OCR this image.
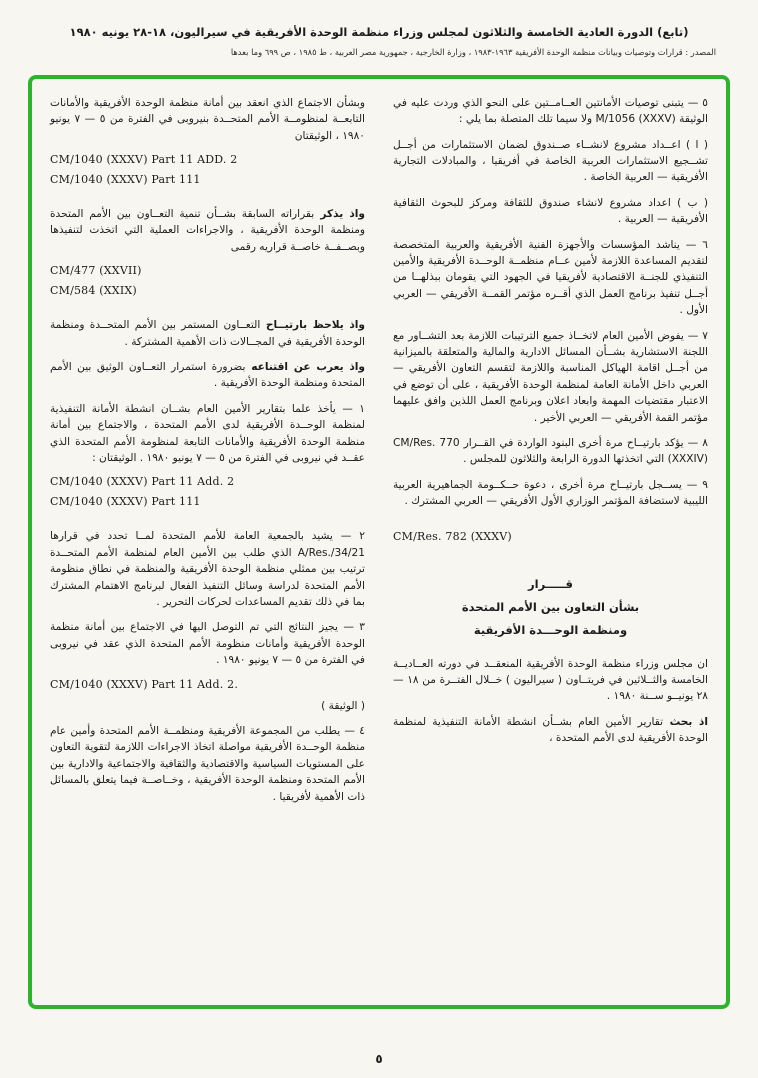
(تابع) الدورة العادية الخامسة والثلاثون لمجلس وزراء منظمة الوحدة الأفريقية في سيراليون، ١٨-٢٨ يونيه ١٩٨٠
المصدر : قرارات وتوصيات وبيانات منظمة الوحدة الأفريقية ١٩٦٣-١٩٨٣ ، وزارة الخارجية ، جمهورية مصر العربية ، ط ١٩٨٥ ، ص ٦٩٩ وما بعدها

٥ — يتبنى توصيات الأمانتين العــامــتين على النحو الذي وردت عليه في الوثيقة M/1056 (XXXV) ولا سيما تلك المتصلة بما يلي :

( ا ) اعــداد مشروع لانشــاء صــندوق لضمان الاستثمارات من أجــل تشــجيع الاستثمارات العربية الخاصة في أفريقيا ، والمبادلات التجارية الأفريقية — العربية الخاصة .

( ب ) اعداد مشروع لانشاء صندوق للثقافة ومركز للبحوث الثقافية الأفريقية — العربية .

٦ — يناشد المؤسسات والأجهزة الفنية الأفريقية والعربية المتخصصة لتقديم المساعدة اللازمة لأمين عــام منظمــة الوحــدة الأفريقية والأمين التنفيذي للجنــة الاقتصادية لأفريقيا في الجهود التي يقومان ببذلهــا من أجــل تنفيذ برنامج العمل الذي أقــره مؤتمر القمــة الأفريقي — العربي الأول .

٧ — يفوض الأمين العام لاتخــاذ جميع الترتيبات اللازمة بعد التشــاور مع اللجنة الاستشارية بشــأن المسائل الادارية والمالية والمتعلقة بالميزانية من أجــل اقامة الهياكل المناسبة واللازمة لتقسم التعاون الأفريقي — العربي داخل الأمانة العامة لمنظمة الوحدة الأفريقية ، على أن توضع في الاعتبار مقتضيات المهمة وابعاد اعلان وبرنامج العمل اللذين وافق عليهما مؤتمر القمة الأفريقي — العربي الأخير .

٨ — يؤكد بارتيــاح مرة أخرى البنود الواردة في القــرار CM/Res. 770 (XXXIV) التي اتخذتها الدورة الرابعة والثلاثون للمجلس .

٩ — يســجل بارتيــاح مرة أخرى ، دعوة حــكــومة الجماهيرية العربية الليبية لاستضافة المؤتمر الوزاري الأول الأفريقي — العربي المشترك .

CM/Res. 782 (XXXV)

قـــــرار
بشأن التعاون بين الأمم المتحدة
ومنظمة الوحـــدة الأفريقية

ان مجلس وزراء منظمة الوحدة الأفريقية المنعقــد في دورته العــاديــة الخامسة والثــلاثين في فريتــاون ( سيراليون ) خــلال الفتــرة من ١٨ — ٢٨ يونيــو ســنة ١٩٨٠ .

اذ بحث تقارير الأمين العام بشــأن انشطة الأمانة التنفيذية لمنظمة الوحدة الأفريقية لدى الأمم المتحدة ،

وبشأن الاجتماع الذي انعقد بين أمانة منظمة الوحدة الأفريقية والأمانات التابعــة لمنظومــة الأمم المتحــدة بنيروبى في الفترة من ٥ — ٧ يونيو ١٩٨٠ ، الوثيقتان

CM/1040 (XXXV) Part 11 ADD. 2

CM/1040 (XXXV) Part 111

واذ يذكر بقراراته السابقة بشــأن تنمية التعــاون بين الأمم المتحدة ومنظمة الوحدة الأفريقية ، والاجراءات العملية التي اتخذت لتنفيذها وبصــفــة خاصــة قراريه رقمى

CM/477 (XXVII)

CM/584 (XXIX)

واذ يلاحظ بارتيــاح التعــاون المستمر بين الأمم المتحــدة ومنظمة الوحدة الأفريقية في المجــالات ذات الأهمية المشتركة .

واذ يعرب عن اقتناعه بضرورة استمرار التعــاون الوثيق بين الأمم المتحدة ومنظمة الوحدة الأفريقية .

١ — يأخذ علما بتقارير الأمين العام بشــان انشطة الأمانة التنفيذية لمنظمة الوحــدة الأفريقية لدى الأمم المتحدة ، والاجتماع بين أمانة منظمة الوحدة الأفريقية والأمانات التابعة لمنظومة الأمم المتحدة الذي عقــد في نيروبى في الفترة من ٥ — ٧ يونيو ١٩٨٠ . الوثيقتان :

CM/1040 (XXXV) Part 11 Add. 2

CM/1040 (XXXV) Part 111

٢ — يشيد بالجمعية العامة للأمم المتحدة لمــا تحدد في قرارها A/Res./34/21 الذي طلب بين الأمين العام لمنظمة الأمم المتحــدة ترتيب بين ممثلي منظمة الوحدة الأفريقية والمنظمة في نطاق منظومة الأمم المتحدة لدراسة وسائل التنفيذ الفعال لبرنامج الاهتمام المشترك بما في ذلك تقديم المساعدات لحركات التحرير .

٣ — يجيز النتائج التي تم التوصل اليها في الاجتماع بين أمانة منظمة الوحدة الأفريقية وأمانات منظومة الأمم المتحدة الذي عقد في نيروبى في الفترة من ٥ — ٧ يونيو ١٩٨٠ .

CM/1040 (XXXV) Part 11 Add. 2.

( الوثيقة )

٤ — يطلب من المجموعة الأفريقية ومنظمــة الأمم المتحدة وأمين عام منظمة الوحــدة الأفريقية مواصلة اتخاذ الاجراءات اللازمة لتقوية التعاون على المستويات السياسية والاقتصادية والثقافية والاجتماعية والادارية بين الأمم المتحدة ومنظمة الوحدة الأفريقية ، وخــاصــة فيما يتعلق بالمسائل ذات الأهمية لأفريقيا .

٥
